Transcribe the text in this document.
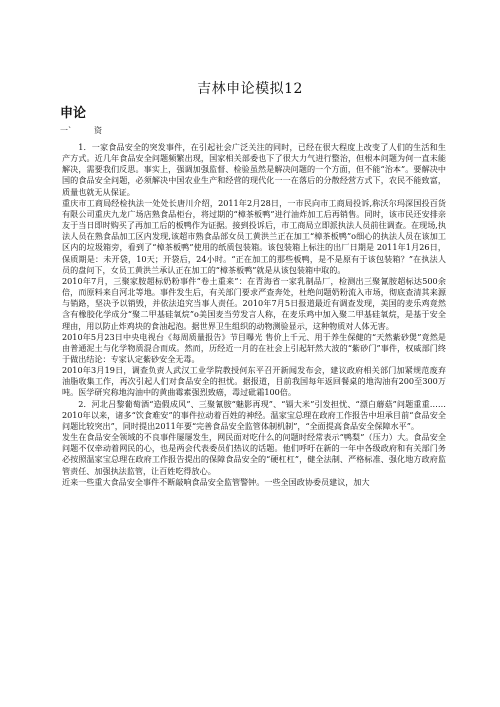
吉林申论模拟12
申论
一`	资

1．一家食品安全的突发事件，在引起社会广泛关注的同时，已经在很大程度上改变了人们的生活和生产方式。近几年食品安全问题频繁出现，国家相关部委也下了很大力气进行整治，但根本问题为何一直未能解决，需要我们反思。事实上，强调加强监督、检验虽然是解决问题的一个方面，但不能“治本”。要解决中国的食品安全问题，必须解决中国农业生产和经营的现代化一一在落后的分散经营方式下，农民不能致富，质量也就无从保证。

重庆市工商局经检执法一处处长唐川介绍，2011年2月28日，一市民向市工商局投诉,称沃尔玛深国投百货有限公司重庆九龙广场店熟食品柜台，将过期的“樟茶板鸭”进行油炸加工后再销售。同时，该市民还安排亲友于当日即时购买了再加工后的板鸭作为证据。接到投诉后，市工商局立即派执法人员前往调查。在现场,执法人员在熟食品加工区内发现,该超市熟食品部女员工黄洪兰正在加工“樟茶板鸭”o细心的执法人员在该加工区内的垃圾箱旁，看到了“樟茶板鸭”使用的纸质包装箱。该包装箱上标注的出厂日期是 2011年1月26日，保质期是：未开袋，10天；开袋后，24小时。“正在加工的那些板鸭，是不是原有于该包装箱？”在执法人员的盘问下，女员工黄洪兰承认正在加工的“樟茶板鸭”就是从该包装箱中取的。

2010年7月，三聚家胺超标奶粉事件“卷土重来”：在青海省一家乳制品厂，检测出三聚氰胺超标达500余倍，而原料来自河北等地。事件发生后，有关部门要求严查奔处，杜绝问题奶粉流入市场，彻底查清其来源与销路，坚决予以销毁，并依法追究当事人责任。2010年7月5日报道最近有调查发现，美国的麦乐鸡竟然含有橡胶化学成分“聚二甲基硅氧烷”o美国麦当劳发言人称，在麦乐鸡中加入聚二甲基硅氧烷，是基于安全理由，用以防止炸鸡块的食油起泡。据世界卫生组织的动物测验显示，这种物质对人体无害。

2010年5月23日中央电视台《每周质量报告》节目曝光 售价上千元、用于养生保健的“天然紫砂煲”竟然是由普通泥土与化学物质混合而成。然而，历经近一月的在社会上引起轩然大波的“紫砂门”事件，权威部门终于做出结论：专家认定紫砂安全无毒。

2010年3月19日，调查负责人武汉工业学院教授何东平召开新闻发布会，建议政府相关部门加紧规范废弃油脂收集工作，再次引起人们对食品安全的担忧。据报道，目前我国每年返回餐桌的地沟油有200至300万吨。医学研究称地沟油中的黄曲霉素强烈致癌，毒过砒霜100倍。

2．河北吕黎葡萄酒“造假成风”、三聚氰胺“魅影再现”、“镉大米”引发担忧、“漂白蘑菇”问题重重……2010年以来，诸多“饮食难安”的事件拉动着百姓的神经。温家宝总理在政府工作报告中坦承目前“食品安全问题比较突出”，同时提出2011年要“完善食品安全监管体制机制”，“全面提高食品安全保障水平”。

发生在食品安全领域的不良事件屡屡发生，网民面对吃什么的问题时经常表示“鸭梨”（压力）大。食品安全问题不仅牵动着网民的心，也是两会代表委员们热议的话题。他们呼吁在新的一年中各级政府和有关部门务必按照温家宝总理在政府工作报告提出的保障食品安全的“硬杠杠”，健全法制、严格标准、强化地方政府监管责任、加强执法监管，让百姓吃得放心。

近来一些重大食品安全事件不断敲响食品安全监管警钟。一些全国政协委员建议，加大
